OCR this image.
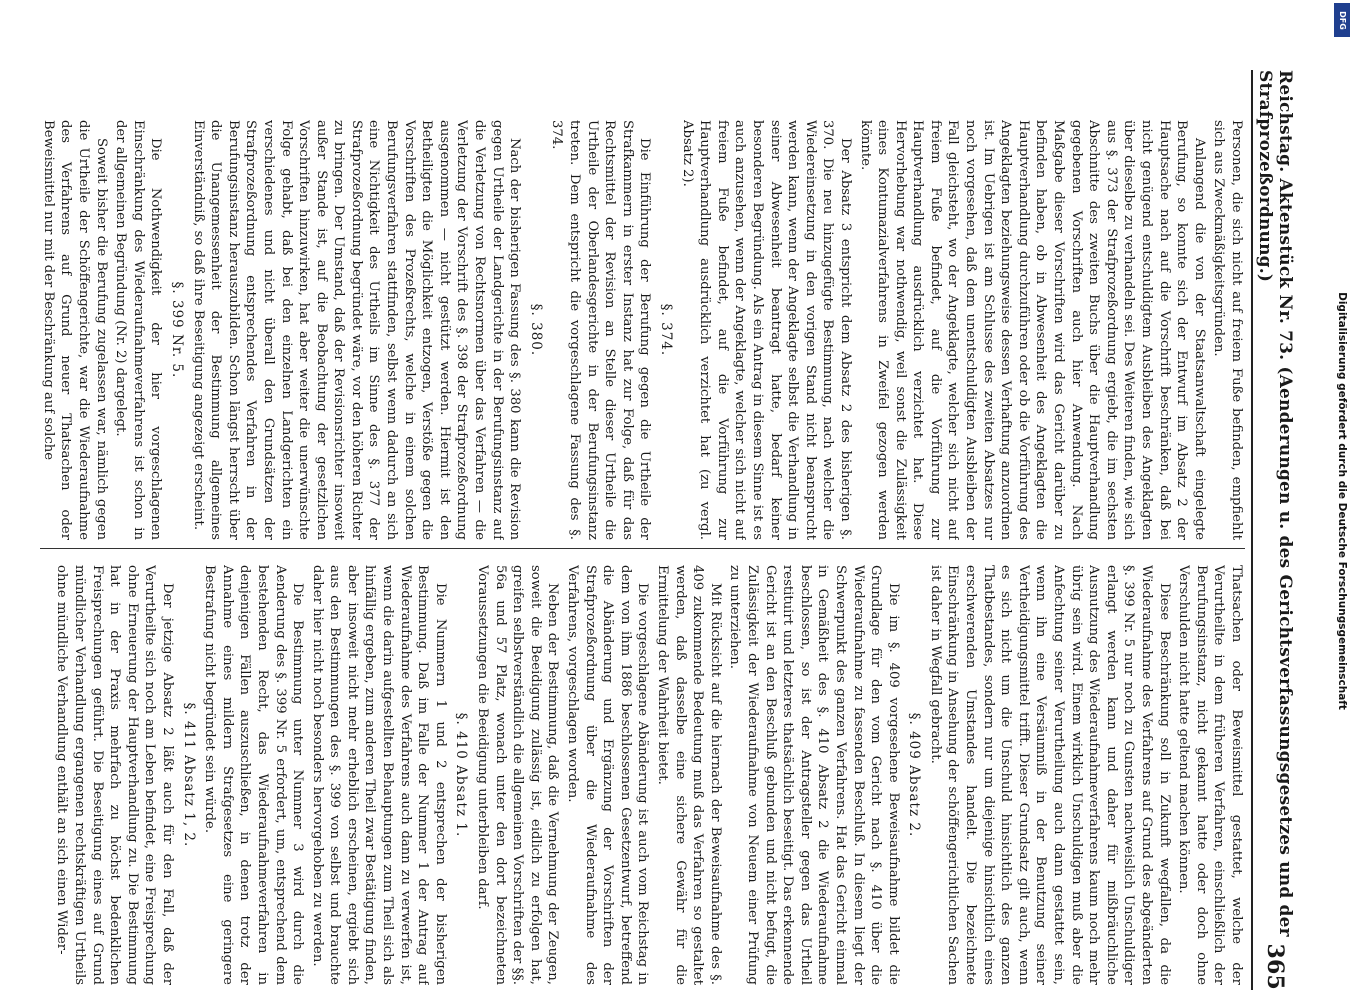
Reichstag. Aktenstück Nr. 73. (Aenderungen u. des Gerichtsverfassungsgesetzes und der Strafprozeßordnung.)
365

Personen, die sich nicht auf freiem Fuße befinden, empfiehlt sich aus Zweckmäßigkeitsgründen.

Anlangend die von der Staatsanwaltschaft eingelegte Berufung, so konnte sich der Entwurf im Absatz 2 der Hauptsache nach auf die Vorschrift beschränken, daß bei nicht genügend entschuldigtem Ausbleiben des Angeklagten über dieselbe zu verhandeln sei. Des Weiteren finden, wie sich aus §. 373 der Strafprozeßordnung ergiebt, die im sechsten Abschnitte des zweiten Buchs über die Hauptverhandlung gegebenen Vorschriften auch hier Anwendung. Nach Maßgabe dieser Vorschriften wird das Gericht darüber zu befinden haben, ob in Abwesenheit des Angeklagten die Hauptverhandlung durchzuführen oder ob die Vorführung des Angeklagten beziehungsweise dessen Verhaftung anzuordnen ist. Im Uebrigen ist am Schlusse des zweiten Absatzes nur noch vorgesehen, daß dem unentschuldigten Ausbleiben der Fall gleichsteht, wo der Angeklagte, welcher sich nicht auf freiem Fuße befindet, auf die Vorführung zur Hauptverhandlung ausdrücklich verzichtet hat. Diese Hervorhebung war nothwendig, weil sonst die Zulässigkeit eines Kontumazialverfahrens in Zweifel gezogen werden könnte.

Der Absatz 3 entspricht dem Absatz 2 des bisherigen §. 370. Die neu hinzugefügte Bestimmung, nach welcher die Wiedereinsetzung in den vorigen Stand nicht beansprucht werden kann, wenn der Angeklagte selbst die Verhandlung in seiner Abwesenheit beantragt hatte, bedarf keiner besonderen Begründung. Als ein Antrag in diesem Sinne ist es auch anzusehen, wenn der Angeklagte, welcher sich nicht auf freiem Fuße befindet, auf die Vorführung zur Hauptverhandlung ausdrücklich verzichtet hat (zu vergl. Absatz 2).

§. 374.

Die Einführung der Berufung gegen die Urtheile der Strafkammern in erster Instanz hat zur Folge, daß für das Rechtsmittel der Revision an Stelle dieser Urtheile die Urtheile der Oberlandesgerichte in der Berufungsinstanz treten. Dem entspricht die vorgeschlagene Fassung des §. 374.

§. 380.

Nach der bisherigen Fassung des §. 380 kann die Revision gegen Urtheile der Landgerichte in der Berufungsinstanz auf die Verletzung von Rechtsnormen über das Verfahren — die Verletzung der Vorschrift des §. 398 der Strafprozeßordnung ausgenommen — nicht gestützt werden. Hiermit ist den Betheiligten die Möglichkeit entzogen, Verstöße gegen die Vorschriften des Prozeßrechts, welche in einem solchen Berufungsverfahren stattfinden, selbst wenn dadurch an sich eine Nichtigkeit des Urtheils im Sinne des §. 377 der Strafprozeßordnung begründet wäre, vor den höheren Richter zu bringen. Der Umstand, daß der Revisionsrichter insoweit außer Stande ist, auf die Beobachtung der gesetzlichen Vorschriften hinzuwirken, hat aber weiter die unerwünschte Folge gehabt, daß bei den einzelnen Landgerichten ein verschiedenes und nicht überall den Grundsätzen der Strafprozeßordnung entsprechendes Verfahren in der Berufungsinstanz herauszubilden. Schon längst herrscht über die Unangemessenheit der Bestimmung allgemeines Einverständniß, so daß ihre Beseitigung angezeigt erscheint.

§. 399 Nr. 5.

Die Nothwendigkeit der hier vorgeschlagenen Einschränkung des Wiederaufnahmeverfahrens ist schon in der allgemeinen Begründung (Nr. 2) dargelegt.

Soweit bisher die Berufung zugelassen war, nämlich gegen die Urtheile der Schöffengerichte, war die Wiederaufnahme des Verfahrens auf Grund neuer Thatsachen oder Beweismittel nur mit der Beschränkung auf solche

Thatsachen oder Beweismittel gestattet, welche der Verurtheilte in dem früheren Verfahren, einschließlich der Berufungsinstanz, nicht gekannt hatte oder doch ohne Verschulden nicht hatte geltend machen können.

Diese Beschränkung soll in Zukunft wegfallen, da die Wiederaufnahme des Verfahrens auf Grund des abgeänderten §. 399 Nr. 5 nur noch zu Gunsten nachweislich Unschuldiger erlangt werden kann und daher für mißbräuchliche Ausnutzung des Wiederaufnahmeverfahrens kaum noch mehr übrig sein wird. Einem wirklich Unschuldigen muß aber die Anfechtung seiner Verurtheilung auch dann gestattet sein, wenn ihn eine Versäumniß in der Benutzung seiner Vertheidigungsmittel trifft. Dieser Grundsatz gilt auch, wenn es sich nicht um die Unschuld hinsichtlich des ganzen Thatbestandes, sondern nur um diejenige hinsichtlich eines erschwerenden Umstandes handelt. Die bezeichnete Einschränkung in Ansehung der schöffengerichtlichen Sachen ist daher in Wegfall gebracht.

§. 409 Absatz 2.

Die im §. 409 vorgesehene Beweisaufnahme bildet die Grundlage für den vom Gericht nach §. 410 über die Wiederaufnahme zu fassenden Beschluß. In diesem liegt der Schwerpunkt des ganzen Verfahrens. Hat das Gericht einmal in Gemäßheit des §. 410 Absatz 2 die Wiederaufnahme beschlossen, so ist der Antragsteller gegen das Urtheil restituirt und letzteres thatsächlich beseitigt. Das erkennende Gericht ist an den Beschluß gebunden und nicht befugt, die Zulässigkeit der Wiederaufnahme von Neuem einer Prüfung zu unterziehen.

Mit Rücksicht auf die hiernach der Beweisaufnahme des §. 409 zukommende Bedeutung muß das Verfahren so gestaltet werden, daß dasselbe eine sichere Gewähr für die Ermittelung der Wahrheit bietet.

Die vorgeschlagene Abänderung ist auch vom Reichstag in dem von ihm 1886 beschlossenen Gesetzentwurf, betreffend die Abänderung und Ergänzung der Vorschriften der Strafprozeßordnung über die Wiederaufnahme des Verfahrens, vorgeschlagen worden.

Neben der Bestimmung, daß die Vernehmung der Zeugen, soweit die Beeidigung zulässig ist, eidlich zu erfolgen hat, greifen selbstverständlich die allgemeinen Vorschriften der §§. 56a und 57 Platz, wonach unter den dort bezeichneten Voraussetzungen die Beeidigung unterbleiben darf.

§. 410 Absatz 1.

Die Nummern 1 und 2 entsprechen der bisherigen Bestimmung. Daß im Falle der Nummer 1 der Antrag auf Wiederaufnahme des Verfahrens auch dann zu verwerfen ist, wenn die darin aufgestellten Behauptungen zum Theil sich als hinfällig ergeben, zum anderen Theil zwar Bestätigung finden, aber insoweit nicht mehr erheblich erscheinen, ergiebt sich aus den Bestimmungen des §. 399 von selbst und brauchte daher hier nicht noch besonders hervorgehoben zu werden.

Die Bestimmung unter Nummer 3 wird durch die Aenderung des §. 399 Nr. 5 erfordert, um, entsprechend dem bestehenden Recht, das Wiederaufnahmeverfahren in denjenigen Fällen auszuschließen, in denen trotz der Annahme eines mildern Strafgesetzes eine geringere Bestrafung nicht begründet sein würde.

§. 411 Absatz 1, 2.

Der jetzige Absatz 2 läßt auch für den Fall, daß der Verurtheilte sich noch am Leben befindet, eine Freisprechung ohne Erneuerung der Hauptverhandlung zu. Die Bestimmung hat in der Praxis mehrfach zu höchst bedenklichen Freisprechungen geführt. Die Beseitigung eines auf Grund mündlicher Verhandlung ergangenen rechtskräftigen Urtheils ohne mündliche Verhandlung enthält an sich einen Wider-

Digitalisierung gefördert durch die Deutsche Forschungsgemeinschaft
DFG
